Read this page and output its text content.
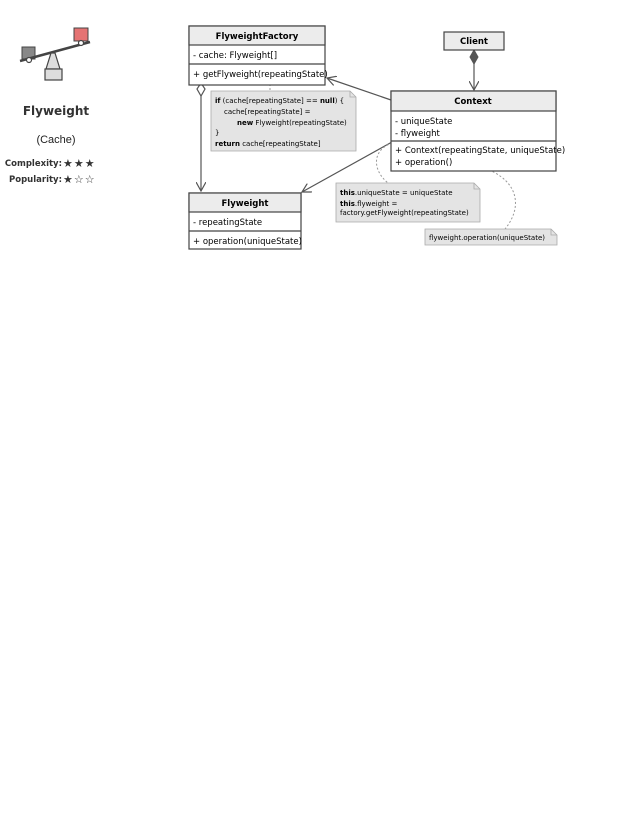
Flyweight
(Cache)
Complexity: ★★★
Popularity: ★☆☆
FlyweightFactory
- cache: Flyweight[]
+ getFlyweight(repeatingState)
Client
Context
- uniqueState
- flyweight
+ Context(repeatingState, uniqueState)
+ operation()
Flyweight
- repeatingState
+ operation(uniqueState)
if (cache[repeatingState] == null) {
cache[repeatingState] =
new Flyweight(repeatingState)
}
return cache[repeatingState]
this.uniqueState = uniqueState
this.flyweight =
factory.getFlyweight(repeatingState)
flyweight.operation(uniqueState)
